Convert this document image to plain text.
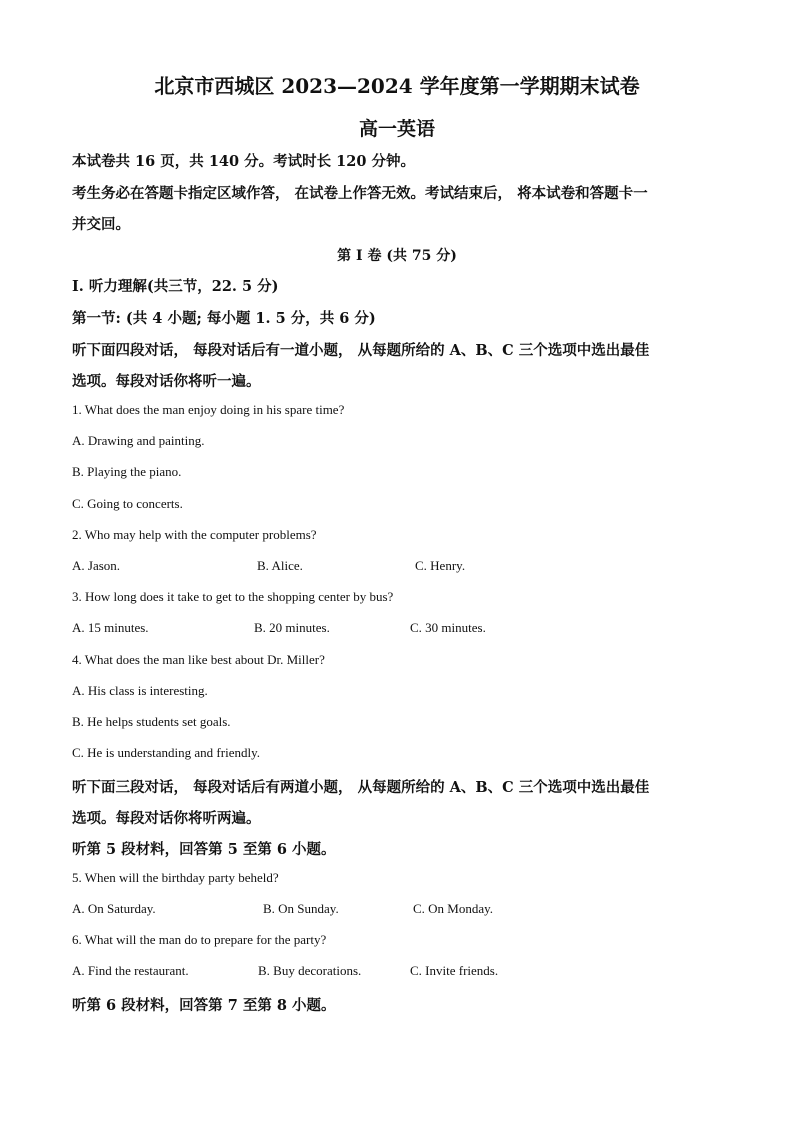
北京市西城区 2023—2024 学年度第一学期期末试卷
高一英语
本试卷共 16 页，共 140 分。考试时长 120 分钟。
考生务必在答题卡指定区域作答， 在试卷上作答无效。考试结束后， 将本试卷和答题卡一
并交回。
第 I 卷 (共 75 分)
Ⅰ. 听力理解(共三节，22. 5 分)
第一节: (共 4 小题; 每小题 1. 5 分，共 6 分)
听下面四段对话， 每段对话后有一道小题， 从每题所给的 A、B、C 三个选项中选出最佳
选项。每段对话你将听一遍。
1. What does the man enjoy doing in his spare time?
A. Drawing and painting.
B. Playing the piano.
C. Going to concerts.
2. Who may help with the computer problems?
A. Jason.	B. Alice.	C. Henry.
3. How long does it take to get to the shopping center by bus?
A. 15 minutes.	B. 20 minutes.	C. 30 minutes.
4. What does the man like best about Dr. Miller?
A. His class is interesting.
B. He helps students set goals.
C. He is understanding and friendly.
听下面三段对话， 每段对话后有两道小题， 从每题所给的 A、B、C 三个选项中选出最佳
选项。每段对话你将听两遍。
听第 5 段材料，回答第 5 至第 6 小题。
5. When will the birthday party beheld?
A. On Saturday.	B. On Sunday.	C. On Monday.
6. What will the man do to prepare for the party?
A. Find the restaurant.	B. Buy decorations.	C. Invite friends.
听第 6 段材料，回答第 7 至第 8 小题。
